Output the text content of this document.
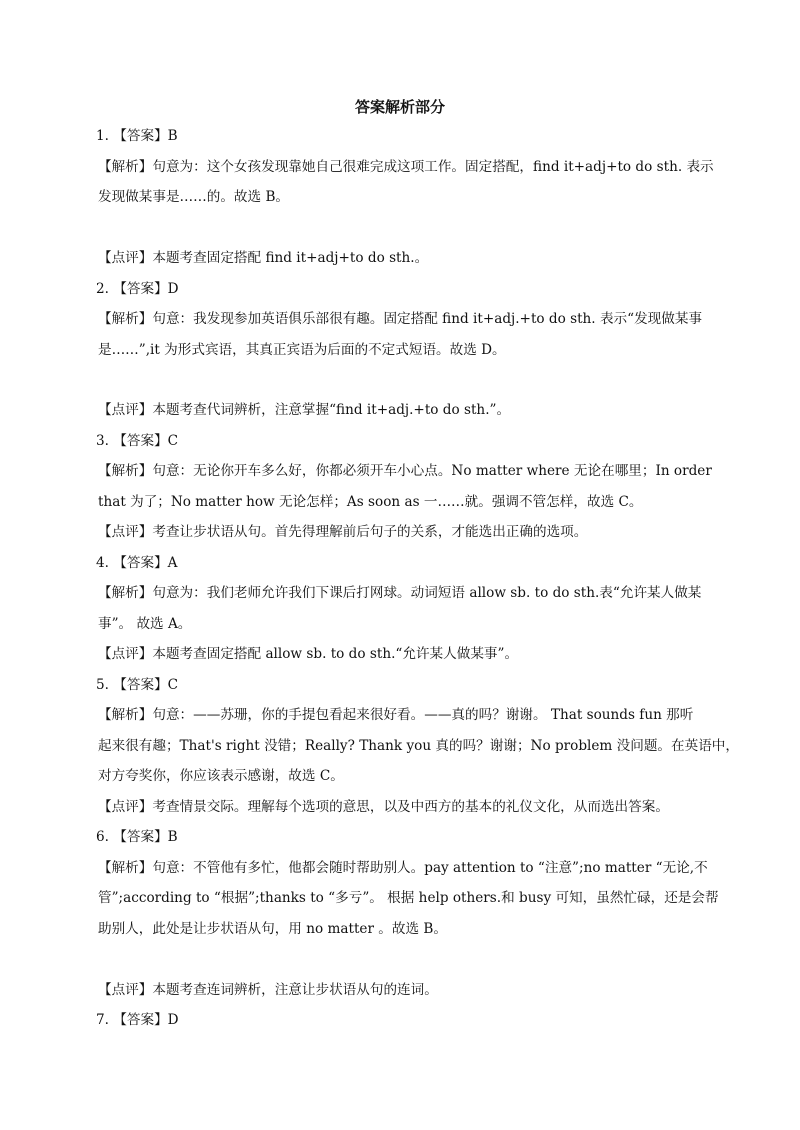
答案解析部分
1. 【答案】B
【解析】句意为：这个女孩发现靠她自己很难完成这项工作。固定搭配，find it+adj+to do sth. 表示
发现做某事是……的。故选 B。
【点评】本题考查固定搭配 find it+adj+to do sth.。
2. 【答案】D
【解析】句意：我发现参加英语俱乐部很有趣。固定搭配 find it+adj.+to do sth. 表示“发现做某事
是……”,it 为形式宾语，其真正宾语为后面的不定式短语。故选 D。
【点评】本题考查代词辨析，注意掌握“find it+adj.+to do sth.”。
3. 【答案】C
【解析】句意：无论你开车多么好，你都必须开车小心点。No matter where 无论在哪里；In order
that 为了；No matter how 无论怎样；As soon as 一……就。强调不管怎样，故选 C。
【点评】考查让步状语从句。首先得理解前后句子的关系，才能选出正确的选项。
4. 【答案】A
【解析】句意为：我们老师允许我们下课后打网球。动词短语 allow sb. to do sth.表“允许某人做某
事”。 故选 A。
【点评】本题考查固定搭配 allow sb. to do sth.“允许某人做某事”。
5. 【答案】C
【解析】句意：——苏珊，你的手提包看起来很好看。——真的吗？谢谢。 That sounds fun 那听
起来很有趣；That's right 没错；Really? Thank you 真的吗？谢谢；No problem 没问题。在英语中，
对方夸奖你，你应该表示感谢，故选 C。
【点评】考查情景交际。理解每个选项的意思，以及中西方的基本的礼仪文化，从而选出答案。
6. 【答案】B
【解析】句意：不管他有多忙，他都会随时帮助别人。pay attention to “注意”;no matter “无论,不
管”;according to “根据”;thanks to “多亏”。 根据 help others.和 busy 可知，虽然忙碌，还是会帮
助别人，此处是让步状语从句，用 no matter 。故选 B。
【点评】本题考查连词辨析，注意让步状语从句的连词。
7. 【答案】D
